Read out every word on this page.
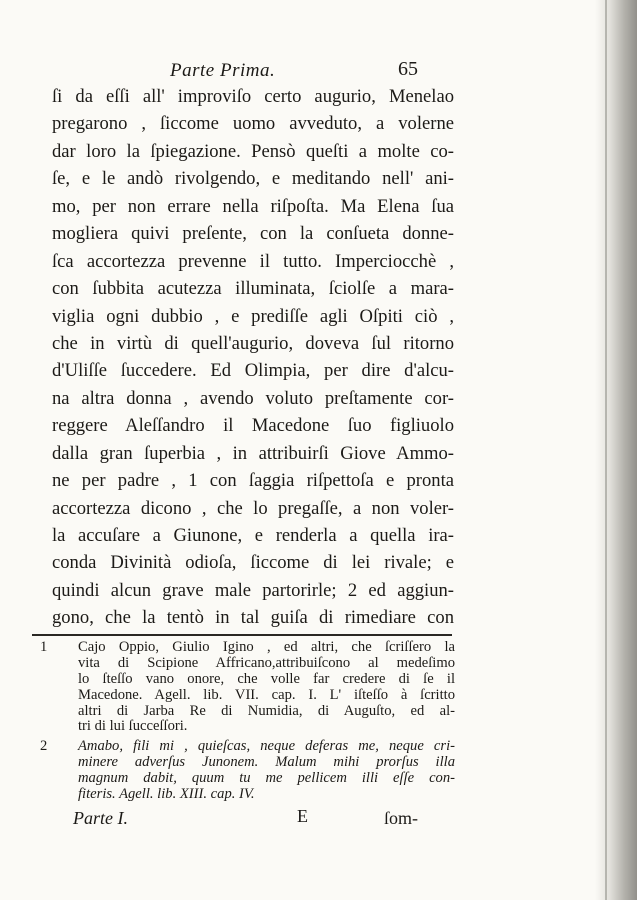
Parte Prima.	65
ſi da eſſi all' improviſo certo augurio, Menelao
pregarono , ſiccome uomo avveduto, a volerne
dar loro la ſpiegazione. Pensò queſti a molte co-
ſe, e le andò rivolgendo, e meditando nell' ani-
mo, per non errare nella riſpoſta. Ma Elena ſua
mogliera quivi preſente, con la conſueta donne-
ſca accortezza prevenne il tutto. Imperciocchè ,
con ſubbita acutezza illuminata, ſciolſe a mara-
viglia ogni dubbio , e prediſſe agli Oſpiti ciò ,
che in virtù di quell'augurio, doveva ſul ritorno
d'Uliſſe ſuccedere. Ed Olimpia, per dire d'alcu-
na altra donna , avendo voluto preſtamente cor-
reggere Aleſſandro il Macedone ſuo figliuolo
dalla gran ſuperbia , in attribuirſi Giove Ammo-
ne per padre , 1 con ſaggia riſpettoſa e pronta
accortezza dicono , che lo pregaſſe, a non voler-
la accuſare a Giunone, e renderla a quella ira-
conda Divinità odioſa, ſiccome di lei rivale; e
quindi alcun grave male partorirle; 2 ed aggiun-
gono, che la tentò in tal guiſa di rimediare con
1	Cajo Oppio, Giulio Igino , ed altri, che ſcriſſero la
vita di Scipione Affricano,attribuiſcono al medeſimo
lo ſteſſo vano onore, che volle far credere di ſe il
Macedone. Agell. lib. VII. cap. I. L' iſteſſo à ſcritto
altri di Jarba Re di Numidia, di Auguſto, ed al-
tri di lui ſucceſſori.
2	Amabo, fili mi , quieſcas, neque deferas me, neque cri-
minere adverſus Junonem. Malum mihi prorſus illa
magnum dabit, quum tu me pellicem illi eſſe con-
fiteris. Agell. lib. XIII. cap. IV.
Parte I.	E	ſom-
